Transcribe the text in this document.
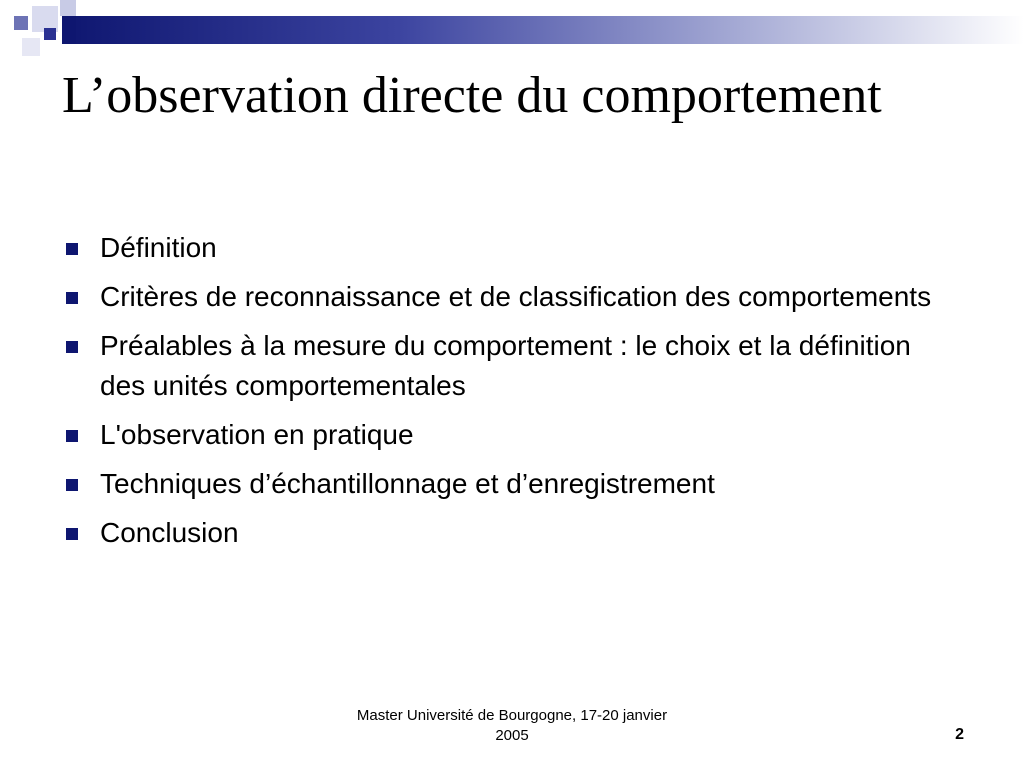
L’observation directe du comportement
Définition
Critères de reconnaissance et de classification des comportements
Préalables à la mesure du comportement : le choix et la définition des unités comportementales
L'observation en pratique
Techniques d’échantillonnage et d’enregistrement
Conclusion
Master Université de Bourgogne, 17-20 janvier 2005	2
